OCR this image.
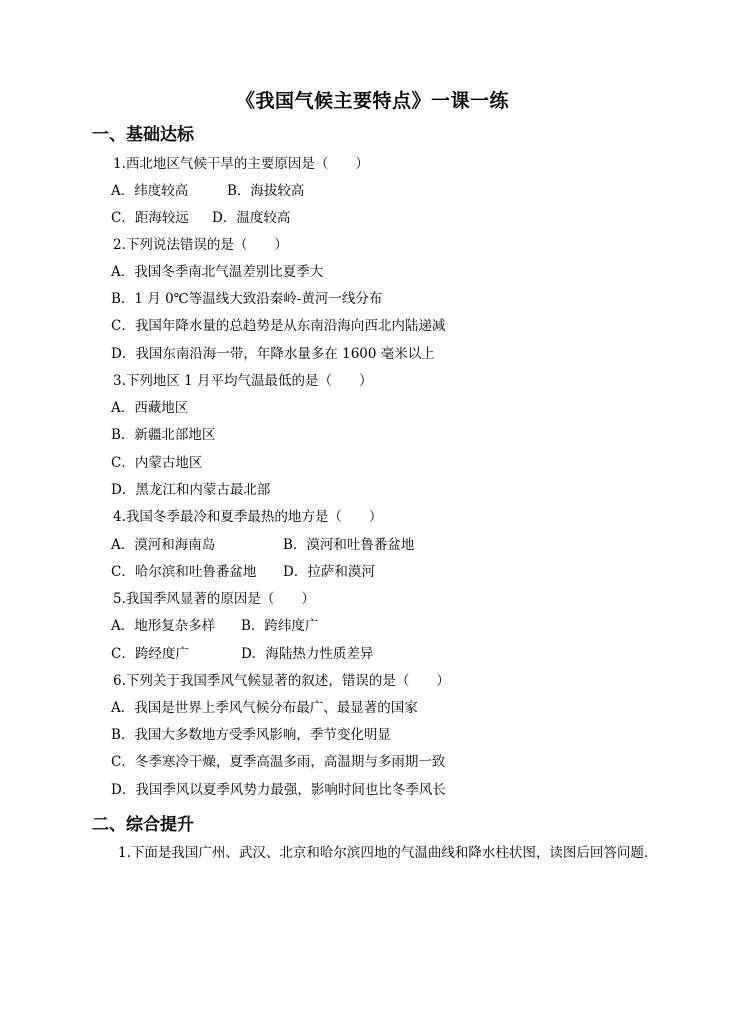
《我国气候主要特点》一课一练
一、基础达标
1.西北地区气候干旱的主要原因是（　　）
A．纬度较高	B．海拔较高
C．距海较远 D．温度较高
2.下列说法错误的是（　　）
A．我国冬季南北气温差别比夏季大
B．1 月 0℃等温线大致沿秦岭-黄河一线分布
C．我国年降水量的总趋势是从东南沿海向西北内陆递减
D．我国东南沿海一带，年降水量多在 1600 毫米以上
3.下列地区 1 月平均气温最低的是（　　）
A．西藏地区
B．新疆北部地区
C．内蒙古地区
D．黑龙江和内蒙古最北部
4.我国冬季最冷和夏季最热的地方是（　　）
A．漠河和海南岛	B．漠河和吐鲁番盆地
C．哈尔滨和吐鲁番盆地 D．拉萨和漠河
5.我国季风显著的原因是（　　）
A．地形复杂多样 B．跨纬度广
C．跨经度广	D．海陆热力性质差异
6.下列关于我国季风气候显著的叙述，错误的是（　　）
A．我国是世界上季风气候分布最广、最显著的国家
B．我国大多数地方受季风影响，季节变化明显
C．冬季寒冷干燥，夏季高温多雨，高温期与多雨期一致
D．我国季风以夏季风势力最强，影响时间也比冬季风长
二、综合提升
1.下面是我国广州、武汉、北京和哈尔滨四地的气温曲线和降水柱状图，读图后回答问题.
